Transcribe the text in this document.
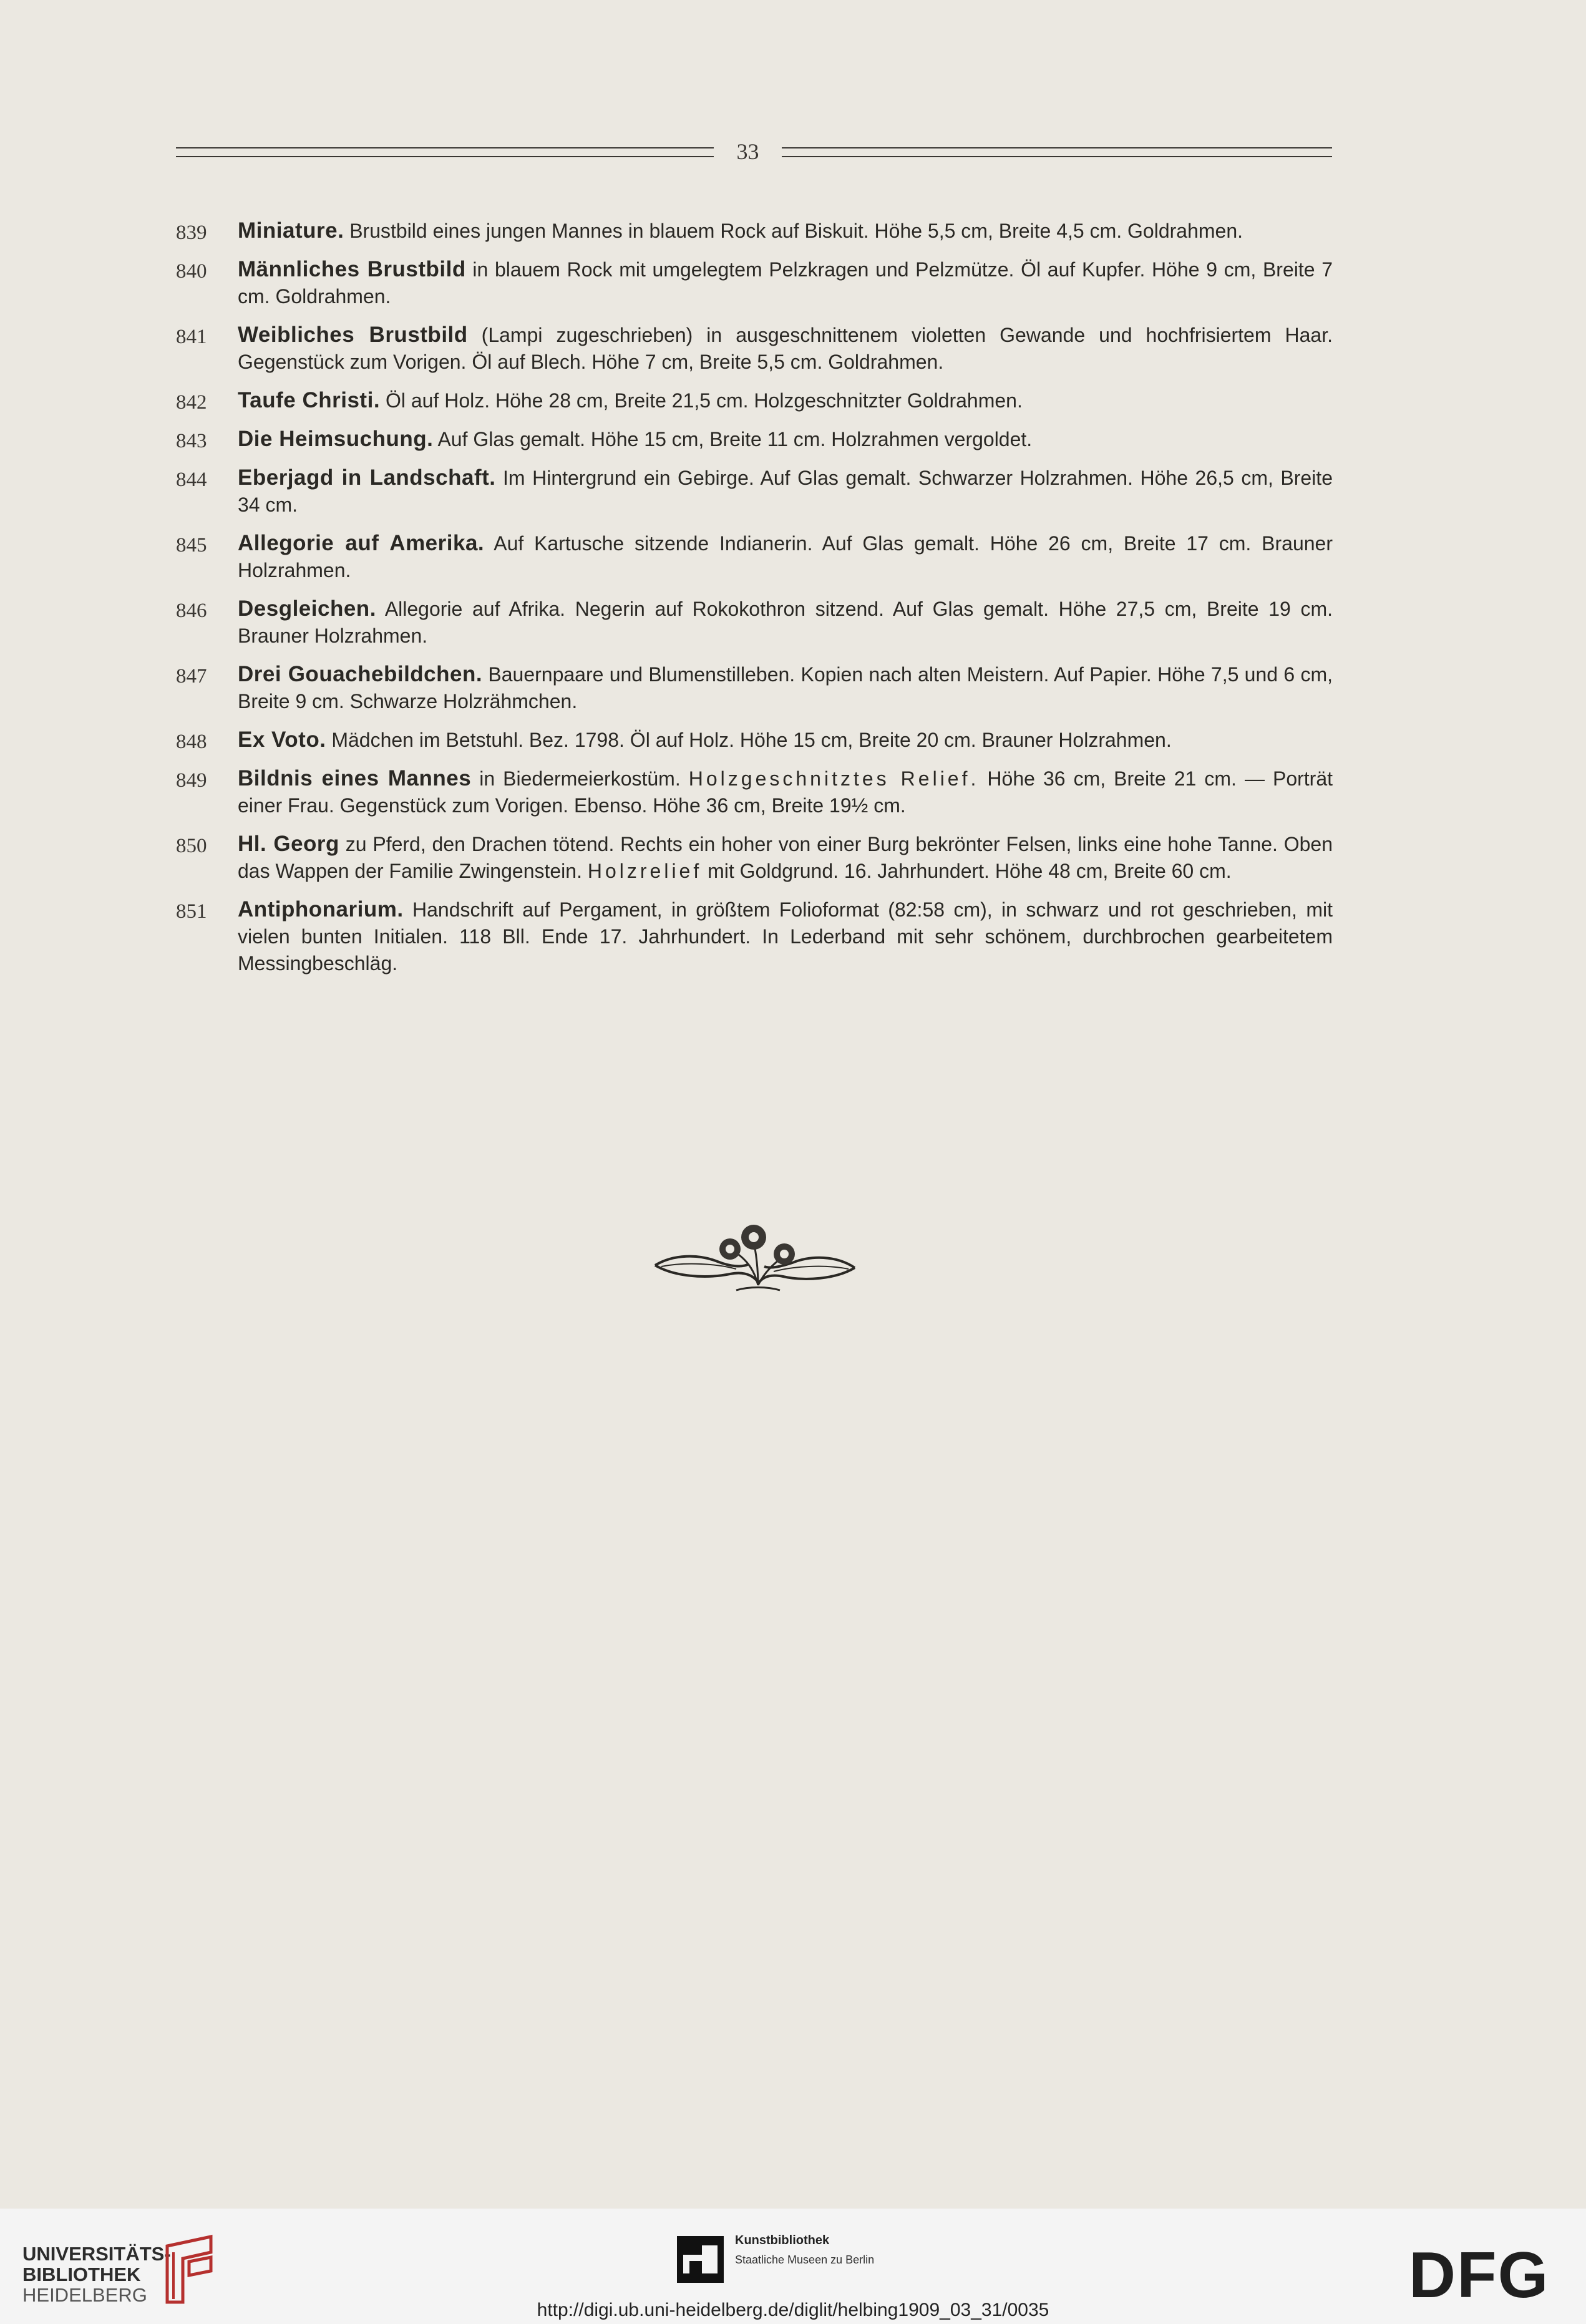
33
839 Miniature. Brustbild eines jungen Mannes in blauem Rock auf Biskuit. Höhe 5,5 cm, Breite 4,5 cm. Goldrahmen.
840 Männliches Brustbild in blauem Rock mit umgelegtem Pelzkragen und Pelzmütze. Öl auf Kupfer. Höhe 9 cm, Breite 7 cm. Goldrahmen.
841 Weibliches Brustbild (Lampi zugeschrieben) in ausgeschnittenem violetten Gewande und hochfrisiertem Haar. Gegenstück zum Vorigen. Öl auf Blech. Höhe 7 cm, Breite 5,5 cm. Goldrahmen.
842 Taufe Christi. Öl auf Holz. Höhe 28 cm, Breite 21,5 cm. Holzgeschnitzter Goldrahmen.
843 Die Heimsuchung. Auf Glas gemalt. Höhe 15 cm, Breite 11 cm. Holzrahmen vergoldet.
844 Eberjagd in Landschaft. Im Hintergrund ein Gebirge. Auf Glas gemalt. Schwarzer Holzrahmen. Höhe 26,5 cm, Breite 34 cm.
845 Allegorie auf Amerika. Auf Kartusche sitzende Indianerin. Auf Glas gemalt. Höhe 26 cm, Breite 17 cm. Brauner Holzrahmen.
846 Desgleichen. Allegorie auf Afrika. Negerin auf Rokokothron sitzend. Auf Glas gemalt. Höhe 27,5 cm, Breite 19 cm. Brauner Holzrahmen.
847 Drei Gouachebildchen. Bauernpaare und Blumenstilleben. Kopien nach alten Meistern. Auf Papier. Höhe 7,5 und 6 cm, Breite 9 cm. Schwarze Holzrähmchen.
848 Ex Voto. Mädchen im Betstuhl. Bez. 1798. Öl auf Holz. Höhe 15 cm, Breite 20 cm. Brauner Holzrahmen.
849 Bildnis eines Mannes in Biedermeierkostüm. Holzgeschnitztes Relief. Höhe 36 cm, Breite 21 cm. — Porträt einer Frau. Gegenstück zum Vorigen. Ebenso. Höhe 36 cm, Breite 19½ cm.
850 Hl. Georg zu Pferd, den Drachen tötend. Rechts ein hoher von einer Burg bekrönter Felsen, links eine hohe Tanne. Oben das Wappen der Familie Zwingenstein. Holzrelief mit Goldgrund. 16. Jahrhundert. Höhe 48 cm, Breite 60 cm.
851 Antiphonarium. Handschrift auf Pergament, in größtem Folioformat (82:58 cm), in schwarz und rot geschrieben, mit vielen bunten Initialen. 118 Bll. Ende 17. Jahrhundert. In Lederband mit sehr schönem, durchbrochen gearbeitetem Messingbeschläg.
UNIVERSITÄTS-
BIBLIOTHEK
HEIDELBERG
Kunstbibliothek
Staatliche Museen zu Berlin	DFG
http://digi.ub.uni-heidelberg.de/diglit/helbing1909_03_31/0035
